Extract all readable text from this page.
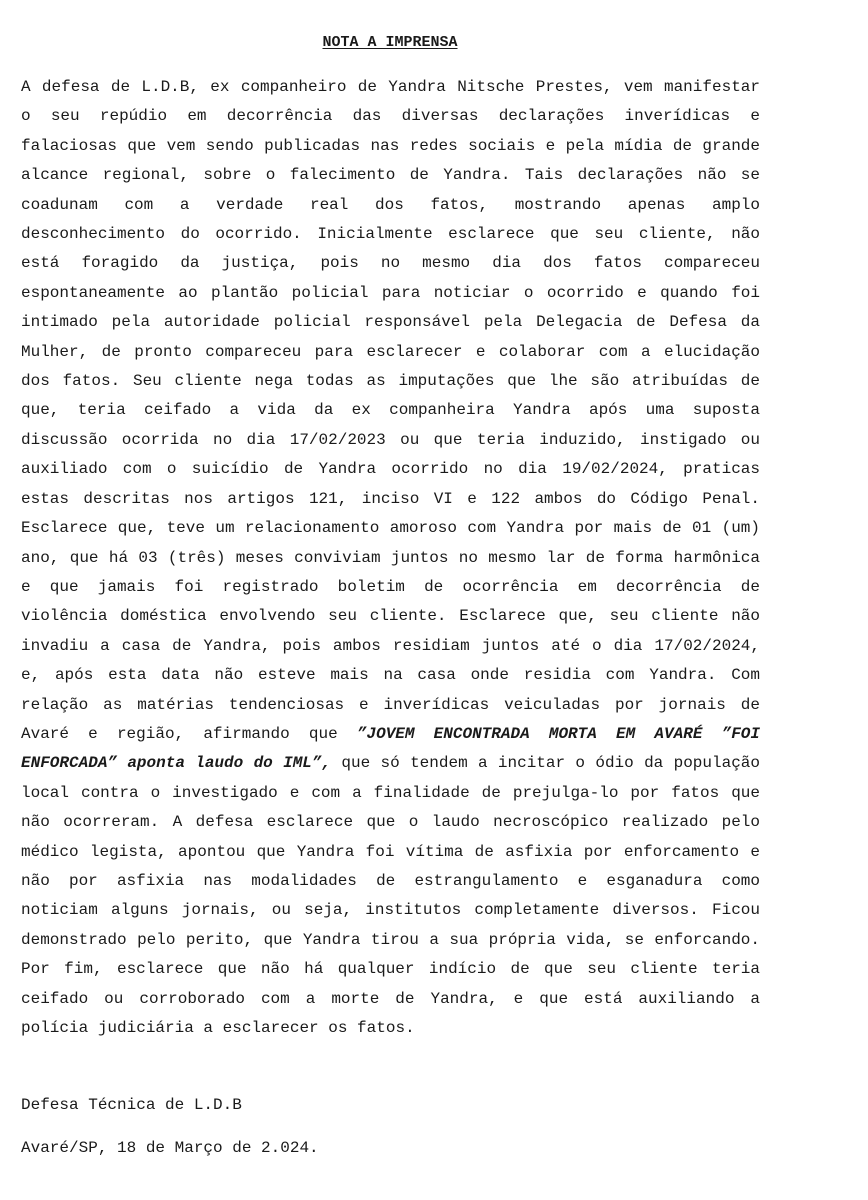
NOTA A IMPRENSA

A defesa de L.D.B, ex companheiro de Yandra Nitsche Prestes, vem manifestar o seu repúdio em decorrência das diversas declarações inverídicas e falaciosas que vem sendo publicadas nas redes sociais e pela mídia de grande alcance regional, sobre o falecimento de Yandra. Tais declarações não se coadunam com a verdade real dos fatos, mostrando apenas amplo desconhecimento do ocorrido. Inicialmente esclarece que seu cliente, não está foragido da justiça, pois no mesmo dia dos fatos compareceu espontaneamente ao plantão policial para noticiar o ocorrido e quando foi intimado pela autoridade policial responsável pela Delegacia de Defesa da Mulher, de pronto compareceu para esclarecer e colaborar com a elucidação dos fatos. Seu cliente nega todas as imputações que lhe são atribuídas de que, teria ceifado a vida da ex companheira Yandra após uma suposta discussão ocorrida no dia 17/02/2023 ou que teria induzido, instigado ou auxiliado com o suicídio de Yandra ocorrido no dia 19/02/2024, praticas estas descritas nos artigos 121, inciso VI e 122 ambos do Código Penal. Esclarece que, teve um relacionamento amoroso com Yandra por mais de 01 (um) ano, que há 03 (três) meses conviviam juntos no mesmo lar de forma harmônica e que jamais foi registrado boletim de ocorrência em decorrência de violência doméstica envolvendo seu cliente. Esclarece que, seu cliente não invadiu a casa de Yandra, pois ambos residiam juntos até o dia 17/02/2024, e, após esta data não esteve mais na casa onde residia com Yandra. Com relação as matérias tendenciosas e inverídicas veiculadas por jornais de Avaré e região, afirmando que ”JOVEM ENCONTRADA MORTA EM AVARÉ ”FOI ENFORCADA” aponta laudo do IML”, que só tendem a incitar o ódio da população local contra o investigado e com a finalidade de prejulga-lo por fatos que não ocorreram. A defesa esclarece que o laudo necroscópico realizado pelo médico legista, apontou que Yandra foi vítima de asfixia por enforcamento e não por asfixia nas modalidades de estrangulamento e esganadura como noticiam alguns jornais, ou seja, institutos completamente diversos. Ficou demonstrado pelo perito, que Yandra tirou a sua própria vida, se enforcando. Por fim, esclarece que não há qualquer indício de que seu cliente teria ceifado ou corroborado com a morte de Yandra, e que está auxiliando a polícia judiciária a esclarecer os fatos.

Defesa Técnica de L.D.B

Avaré/SP, 18 de Março de 2.024.
